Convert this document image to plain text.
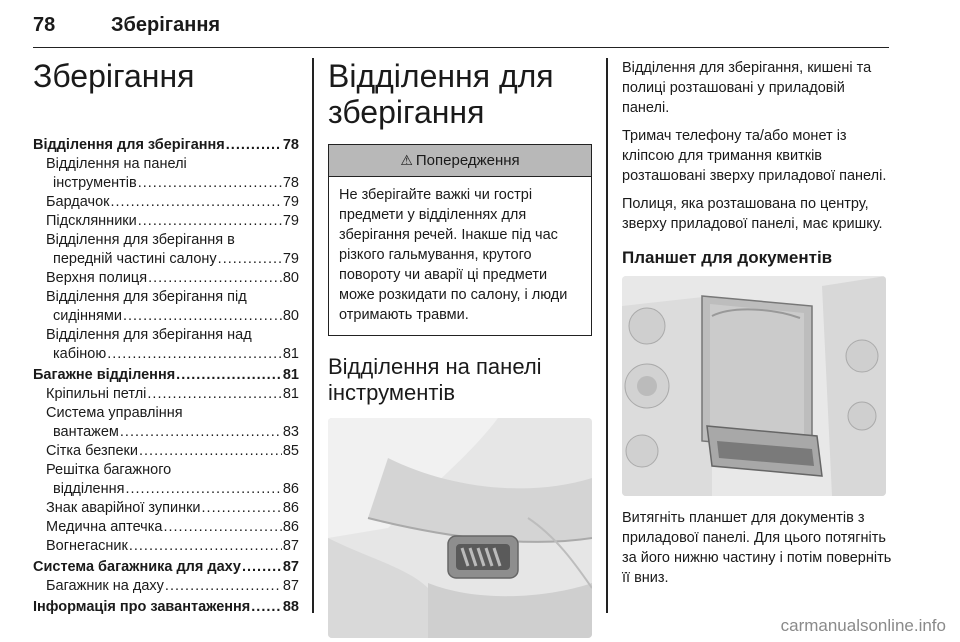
78	Зберігання
Зберігання
Відділення для зберігання .....	78
Відділення на панелі
інструментів .....	78
Бардачок .....	79
Підсклянники .....	79
Відділення для зберігання в
передній частині салону .....	79
Верхня полиця .....	80
Відділення для зберігання під
сидіннями .....	80
Відділення для зберігання над
кабіною .....	81
Багажне відділення .....	81
Кріпильні петлі .....	81
Система управління
вантажем .....	83
Сітка безпеки .....	85
Решітка багажного
відділення .....	86
Знак аварійної зупинки .....	86
Медична аптечка .....	86
Вогнегасник .....	87
Система багажника для даху .....	87
Багажник на даху .....	87
Інформація про завантаження ..... 88
Відділення для зберігання
⚠ Попередження
Не зберігайте важкі чи гострі предмети у відділеннях для зберігання речей. Інакше під час різкого гальмування, крутого повороту чи аварії ці предмети може розкидати по салону, і люди отримають травми.
Відділення на панелі інструментів

Відділення для зберігання, кишені та полиці розташовані у приладовій панелі.

Тримач телефону та/або монет із кліпсою для тримання квитків розташовані зверху приладової панелі.

Полиця, яка розташована по центру, зверху приладової панелі, має кришку.

Планшет для документів

Витягніть планшет для документів з приладової панелі. Для цього потягніть за його нижню частину і потім поверніть її вниз.

carmanualsonline.info
